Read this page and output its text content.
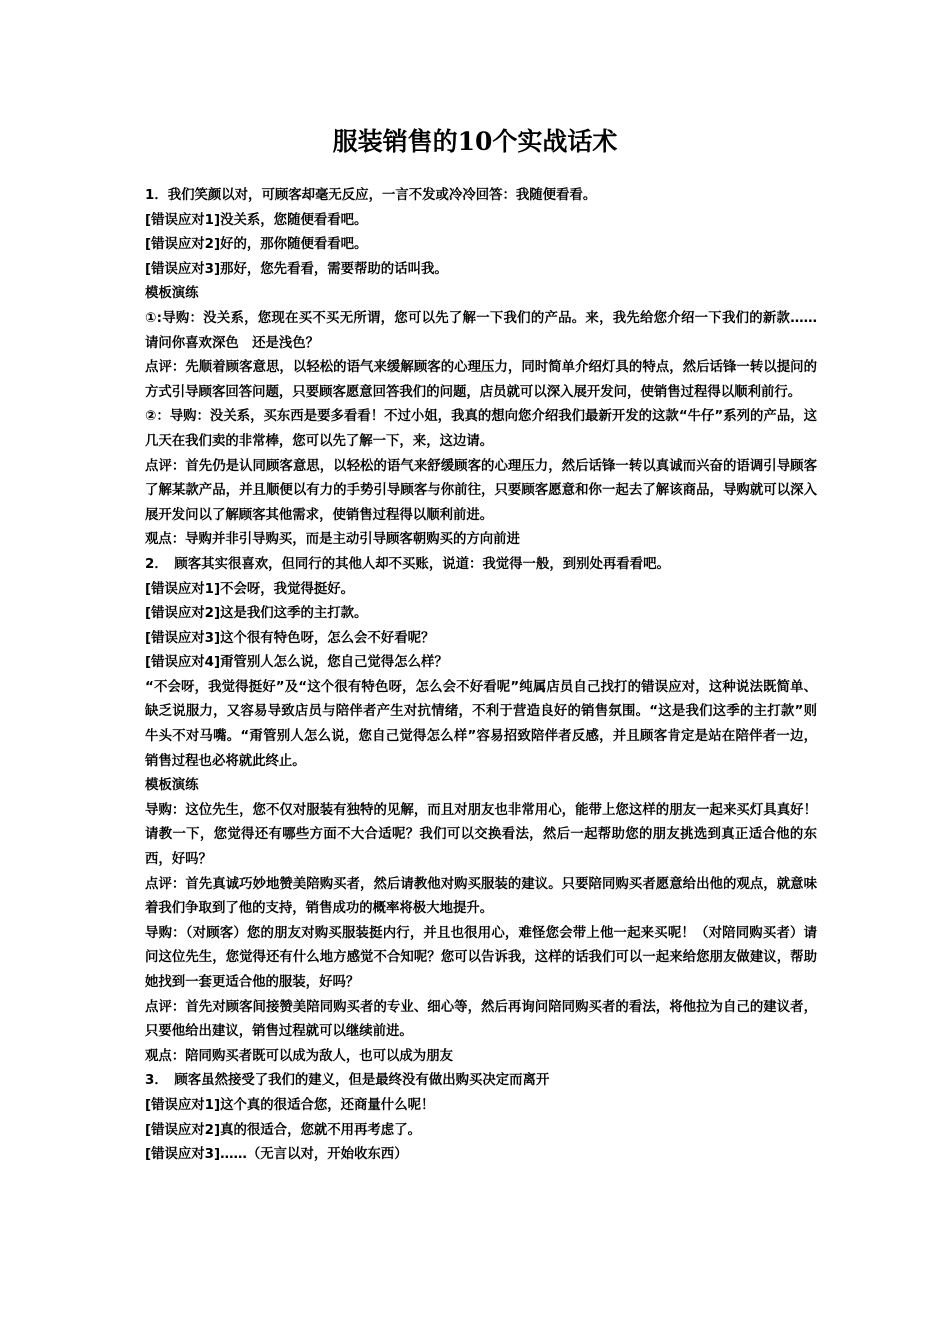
服装销售的10个实战话术

1．我们笑颜以对，可顾客却毫无反应，一言不发或冷冷回答：我随便看看。

[错误应对1]没关系，您随便看看吧。

[错误应对2]好的，那你随便看看吧。

[错误应对3]那好，您先看看，需要帮助的话叫我。

模板演练

①:导购：没关系，您现在买不买无所谓，您可以先了解一下我们的产品。来，我先给您介绍一下我们的新款……请问你喜欢深色　还是浅色？

点评：先顺着顾客意思，以轻松的语气来缓解顾客的心理压力，同时简单介绍灯具的特点，然后话锋一转以提问的方式引导顾客回答问题，只要顾客愿意回答我们的问题，店员就可以深入展开发问，使销售过程得以顺利前行。

②：导购：没关系，买东西是要多看看！不过小姐，我真的想向您介绍我们最新开发的这款“牛仔”系列的产品，这几天在我们卖的非常棒，您可以先了解一下，来，这边请。

点评：首先仍是认同顾客意思，以轻松的语气来舒缓顾客的心理压力，然后话锋一转以真诚而兴奋的语调引导顾客了解某款产品，并且顺便以有力的手势引导顾客与你前往，只要顾客愿意和你一起去了解该商品，导购就可以深入展开发问以了解顾客其他需求，使销售过程得以顺利前进。

观点：导购并非引导购买，而是主动引导顾客朝购买的方向前进

2．　顾客其实很喜欢，但同行的其他人却不买账，说道：我觉得一般，到别处再看看吧。

[错误应对1]不会呀，我觉得挺好。

[错误应对2]这是我们这季的主打款。

[错误应对3]这个很有特色呀，怎么会不好看呢？

[错误应对4]甭管别人怎么说，您自己觉得怎么样？

“不会呀，我觉得挺好”及“这个很有特色呀，怎么会不好看呢”纯属店员自己找打的错误应对，这种说法既简单、缺乏说服力，又容易导致店员与陪伴者产生对抗情绪，不利于营造良好的销售氛围。“这是我们这季的主打款”则牛头不对马嘴。“甭管别人怎么说，您自己觉得怎么样”容易招致陪伴者反感，并且顾客肯定是站在陪伴者一边，销售过程也必将就此终止。

模板演练

导购：这位先生，您不仅对服装有独特的见解，而且对朋友也非常用心，能带上您这样的朋友一起来买灯具真好！请教一下，您觉得还有哪些方面不大合适呢？我们可以交换看法，然后一起帮助您的朋友挑选到真正适合他的东西，好吗？

点评：首先真诚巧妙地赞美陪购买者，然后请教他对购买服装的建议。只要陪同购买者愿意给出他的观点，就意味着我们争取到了他的支持，销售成功的概率将极大地提升。

导购：（对顾客）您的朋友对购买服装挺内行，并且也很用心，难怪您会带上他一起来买呢！（对陪同购买者）请问这位先生，您觉得还有什么地方感觉不合知呢？您可以告诉我，这样的话我们可以一起来给您朋友做建议，帮助她找到一套更适合他的服装，好吗？

点评：首先对顾客间接赞美陪同购买者的专业、细心等，然后再询问陪同购买者的看法，将他拉为自己的建议者，只要他给出建议，销售过程就可以继续前进。

观点：陪同购买者既可以成为敌人，也可以成为朋友

3．　顾客虽然接受了我们的建义，但是最终没有做出购买决定而离开

[错误应对1]这个真的很适合您，还商量什么呢！

[错误应对2]真的很适合，您就不用再考虑了。

[错误应对3]……（无言以对，开始收东西）
